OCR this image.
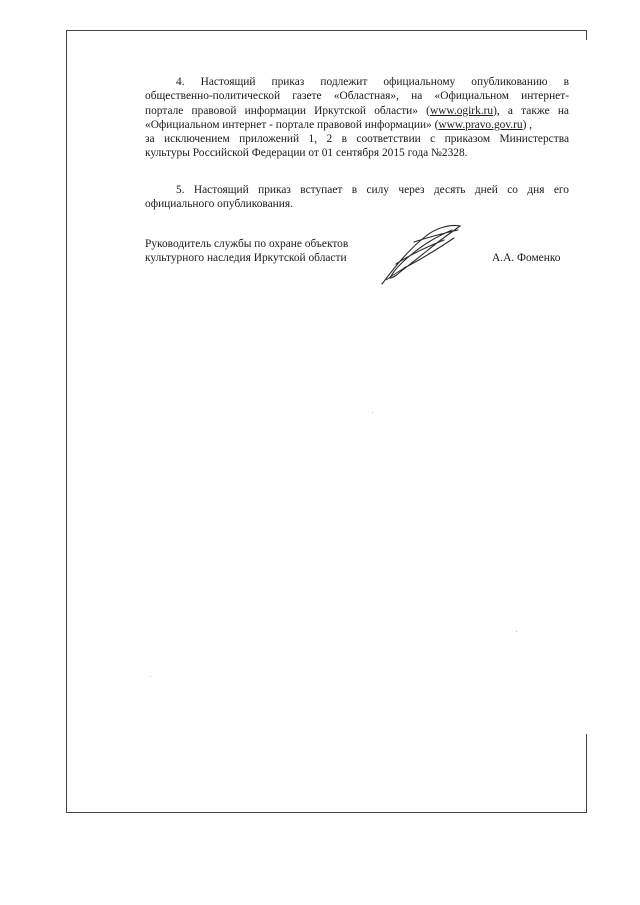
4. Настоящий приказ подлежит официальному опубликованию в
общественно-политической газете «Областная», на «Официальном интернет-
портале правовой информации Иркутской области» (www.ogirk.ru), а также на
«Официальном интернет - портале правовой информации» (www.pravo.gov.ru) ,
за исключением приложений 1, 2 в соответствии с приказом Министерства
культуры Российской Федерации от 01 сентября 2015 года №2328.
5. Настоящий приказ вступает в силу через десять дней со дня его
официального опубликования.
Руководитель службы по охране объектов
культурного наследия Иркутской области	А.А. Фоменко
